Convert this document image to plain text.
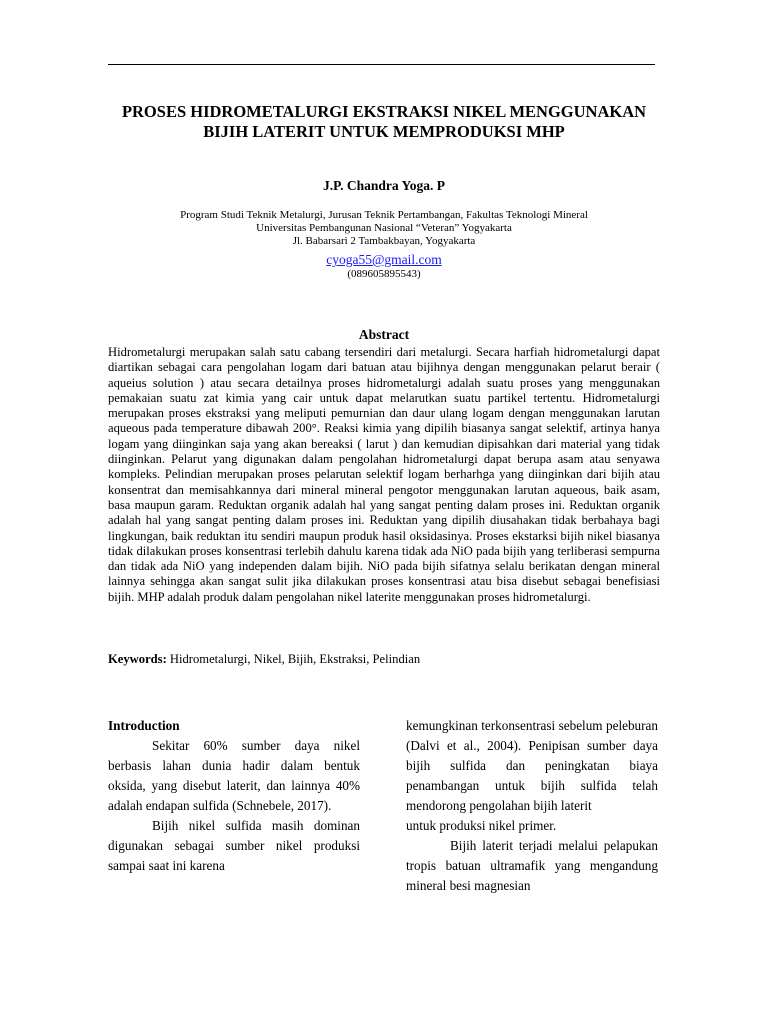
PROSES HIDROMETALURGI EKSTRAKSI NIKEL MENGGUNAKAN BIJIH LATERIT UNTUK MEMPRODUKSI MHP
J.P. Chandra Yoga. P
Program Studi Teknik Metalurgi, Jurusan Teknik Pertambangan, Fakultas Teknologi Mineral
Universitas Pembangunan Nasional “Veteran” Yogyakarta
Jl. Babarsari 2 Tambakbayan, Yogyakarta
cyoga55@gmail.com
(089605895543)
Abstract
Hidrometalurgi merupakan salah satu cabang tersendiri dari metalurgi. Secara harfiah hidrometalurgi dapat diartikan sebagai cara pengolahan logam dari batuan atau bijihnya dengan menggunakan pelarut berair ( aqueius solution ) atau secara detailnya proses hidrometalurgi adalah suatu proses yang menggunakan pemakaian suatu zat kimia yang cair untuk dapat melarutkan suatu partikel tertentu. Hidrometalurgi merupakan proses ekstraksi yang meliputi pemurnian dan daur ulang logam dengan menggunakan larutan aqueous pada temperature dibawah 200°. Reaksi kimia yang dipilih biasanya sangat selektif, artinya hanya logam yang diinginkan saja yang akan bereaksi ( larut ) dan kemudian dipisahkan dari material yang tidak diinginkan. Pelarut yang digunakan dalam pengolahan hidrometalurgi dapat berupa asam atau senyawa kompleks. Pelindian merupakan proses pelarutan selektif logam berharhga yang diinginkan dari bijih atau konsentrat dan memisahkannya dari mineral mineral pengotor menggunakan larutan aqueous, baik asam, basa maupun garam. Reduktan organik adalah hal yang sangat penting dalam proses ini. Reduktan organik adalah hal yang sangat penting dalam proses ini. Reduktan yang dipilih diusahakan tidak berbahaya bagi lingkungan, baik reduktan itu sendiri maupun produk hasil oksidasinya. Proses ekstarksi bijih nikel biasanya tidak dilakukan proses konsentrasi terlebih dahulu karena tidak ada NiO pada bijih yang terliberasi sempurna dan tidak ada NiO yang independen dalam bijih. NiO pada bijih sifatnya selalu berikatan dengan mineral lainnya sehingga akan sangat sulit jika dilakukan proses konsentrasi atau bisa disebut sebagai benefisiasi bijih. MHP adalah produk dalam pengolahan nikel laterite menggunakan proses hidrometalurgi.
Keywords: Hidrometalurgi, Nikel, Bijih, Ekstraksi, Pelindian

Introduction

Sekitar 60% sumber daya nikel berbasis lahan dunia hadir dalam bentuk oksida, yang disebut laterit, dan lainnya 40% adalah endapan sulfida (Schnebele, 2017).

Bijih nikel sulfida masih dominan digunakan sebagai sumber nikel produksi sampai saat ini karena

kemungkinan terkonsentrasi sebelum peleburan (Dalvi et al., 2004). Penipisan sumber daya bijih sulfida dan peningkatan biaya penambangan untuk bijih sulfida telah mendorong pengolahan bijih laterit

untuk produksi nikel primer.

Bijih laterit terjadi melalui pelapukan tropis batuan ultramafik yang mengandung mineral besi magnesian
